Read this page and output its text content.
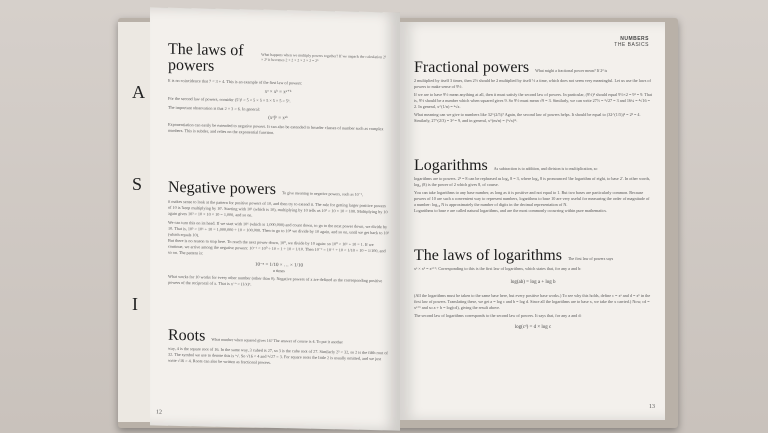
A
S
I
The laws of powers
What happens when we multiply powers together? If we unpack the calculation 2³ × 2² it becomes 2 × 2 × 2 × 2 × 2 = 2⁵

It is no coincidence that 7 = 3 + 4. This is an example of the first law of powers:

xᵃ × xᵇ = xᵃ⁺ᵇ

For the second law of powers, consider (5²)³ = 5 × 5 × 5 × 5 × 5 × 5 = 5⁶.

The important observation is that 2 × 3 = 6. In general:

(xᵃ)ᵇ = xᵃᵇ

Exponentiation can easily be extended to negative powers. It can also be extended to broader classes of number such as complex numbers. This is subtler, and relies on the exponential function.

Negative powers To give meaning to negative powers, such as 10⁻¹,

it makes sense to look at the pattern for positive powers of 10, and then try to extend it. The rule for getting larger positive powers of 10 is 'keep multiplying by 10'. Starting with 10¹ (which is 10), multiplying by 10 tells us 10² = 10 × 10 = 100. Multiplying by 10 again gives 10³ = 10 × 10 × 10 = 1,000, and so on.

We can turn this on its head. If we start with 10⁶ (which is 1,000,000) and count down, to go to the next power down, we divide by 10. That is, 10⁵ = 10⁶ ÷ 10 = 1,000,000 ÷ 10 = 100,000. Then to go to 10⁴ we divide by 10 again, and so on, until we get back to 10¹ (which equals 10).

But there is no reason to stop here. To reach the next power down, 10⁰, we divide by 10 again: so 10⁰ = 10¹ ÷ 10 = 1. If we continue, we arrive among the negative powers: 10⁻¹ = 10⁰ ÷ 10 = 1 ÷ 10 = 1/10. Then 10⁻² = 10⁻¹ ÷ 10 = 1/10 ÷ 10 = 1/100, and so on. The pattern is:

10⁻ⁿ = 1/10 × … × 1/10
n times

What works for 10 works for every other number (other than 0). Negative powers of x are defined as the corresponding positive powers of the reciprocal of x. That is x⁻ⁿ = (1/x)ⁿ.

Roots What number when squared gives 16? The answer of course is 4. To put it another

way, 4 is the square root of 16. In the same way, 3 cubed is 27, so 3 is the cube root of 27. Similarly 2⁵ = 32, so 2 is the fifth root of 32. The symbol we use to denote this is ⁿ√. So √16 = 4 and ³√27 = 3. For square roots the little 2 is usually omitted, and we just write √16 = 4. Roots can also be written as fractional powers.

12
NUMBERS
THE BASICS
Fractional powers What might a fractional power mean? If 2³ is

2 multiplied by itself 3 times, then 2½ should be 2 multiplied by itself ½ a time, which does not seem very meaningful. Let us use the laws of powers to make sense of 9½.

If we are to have 9½ mean anything at all, then it must satisfy the second law of powers. In particular, (9½)² should equal 9½×2 = 9¹ = 9. That is, 9½ should be a number which when squared gives 9. So 9½ must mean √9 = 3. Similarly, we can write 27⅓ = ³√27 = 3 and 16¼ = ⁴√16 = 2. In general, x^(1/n) = ⁿ√x.

What meaning can we give to numbers like 32^(2/5)? Again, the second law of powers helps. It should be equal to (32^(1/5))² = 2² = 4. Similarly, 27^(2/3) = 3² = 9, and in general, x^(m/n) = (ⁿ√x)ᵐ.

Logarithms As subtraction is to addition, and division is to multiplication, so

logarithms are to powers. 2³ = 8 can be rephrased as log₂ 8 = 3, where log₂ 8 is pronounced 'the logarithm of eight, to base 2'. In other words, log₂ (8) is the power of 2 which gives 8, of course.

You can take logarithms to any base number, as long as it is positive and not equal to 1. But two bases are particularly common. Because powers of 10 are such a convenient way to represent numbers, logarithms to base 10 are very useful for measuring the order of magnitude of a number: log₁₀ N is approximately the number of digits in the decimal representation of N.

Logarithms to base e are called natural logarithms, and are the most commonly occurring within pure mathematics.

The laws of logarithms The first law of powers says

xᵃ × xᵇ = xᵃ⁺ᵇ. Corresponding to this is the first law of logarithms, which states that, for any a and b:

log(ab) = log a + log b

(All the logarithms must be taken to the same base here, but every positive base works.) To see why this holds, define c = xᵃ and d = xᵇ in the first law of powers. Translating these, we get a = log c and b = log d. Since all the logarithms are to base x, we take the x carried.) Now, cd = xᵃ⁺ᵇ and so a + b = log(cd), giving the result above.

The second law of logarithms corresponds to the second law of powers. It says that, for any a and d:

log(cᵈ) = d × log c
13
